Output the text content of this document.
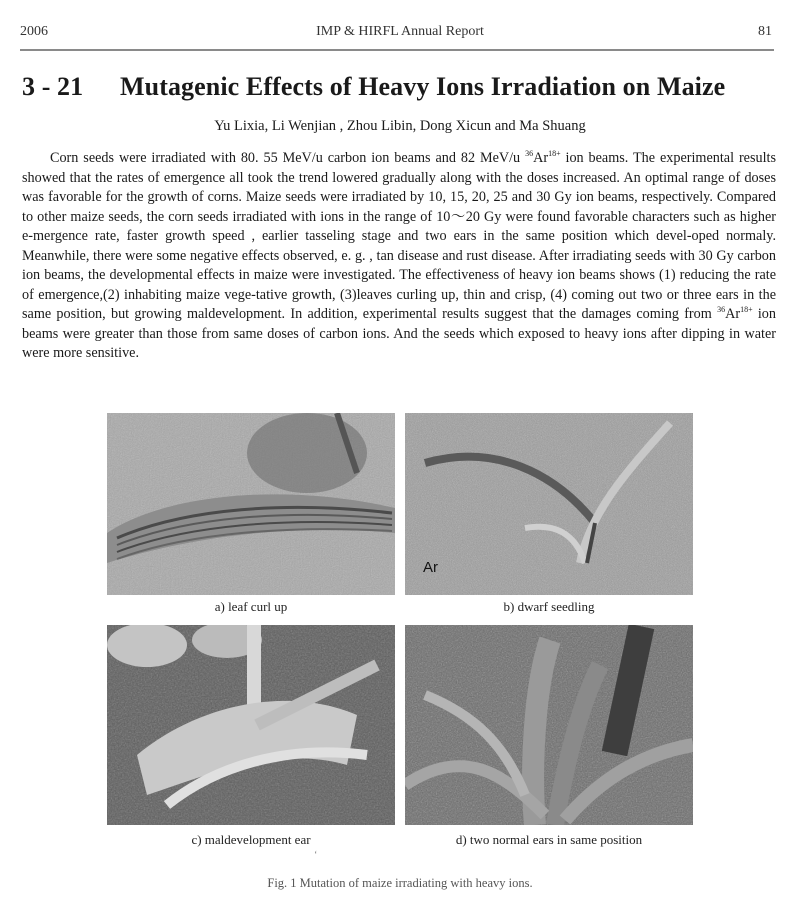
2006	IMP & HIRFL Annual Report	81
3 - 21 Mutagenic Effects of Heavy Ions Irradiation on Maize
Yu Lixia, Li Wenjian , Zhou Libin, Dong Xicun and Ma Shuang
Corn seeds were irradiated with 80. 55 MeV/u carbon ion beams and 82 MeV/u $^{36}Ar^{18+}$ ion beams. The experimental results showed that the rates of emergence all took the trend lowered gradually along with the doses increased. An optimal range of doses was favorable for the growth of corns. Maize seeds were irradiated by 10, 15, 20, 25 and 30 Gy ion beams, respectively. Compared to other maize seeds, the corn seeds irradiated with ions in the range of 10～20 Gy were found favorable characters such as higher e-mergence rate, faster growth speed , earlier tasseling stage and two ears in the same position which devel-oped normaly. Meanwhile, there were some negative effects observed, e. g. , tan disease and rust disease. After irradiating seeds with 30 Gy carbon ion beams, the developmental effects in maize were investigated. The effectiveness of heavy ion beams shows (1) reducing the rate of emergence,(2) inhabiting maize vege-tative growth, (3)leaves curling up, thin and crisp, (4) coming out two or three ears in the same position, but growing maldevelopment. In addition, experimental results suggest that the damages coming from $^{36}Ar^{18+}$ ion beams were greater than those from same doses of carbon ions. And the seeds which exposed to heavy ions after dipping in water were more sensitive.
a) leaf curl up
Ar
b) dwarf seedling
c) maldevelopment ear
ʻ
d) two normal ears in same position
Fig. 1 Mutation of maize irradiating with heavy ions.
